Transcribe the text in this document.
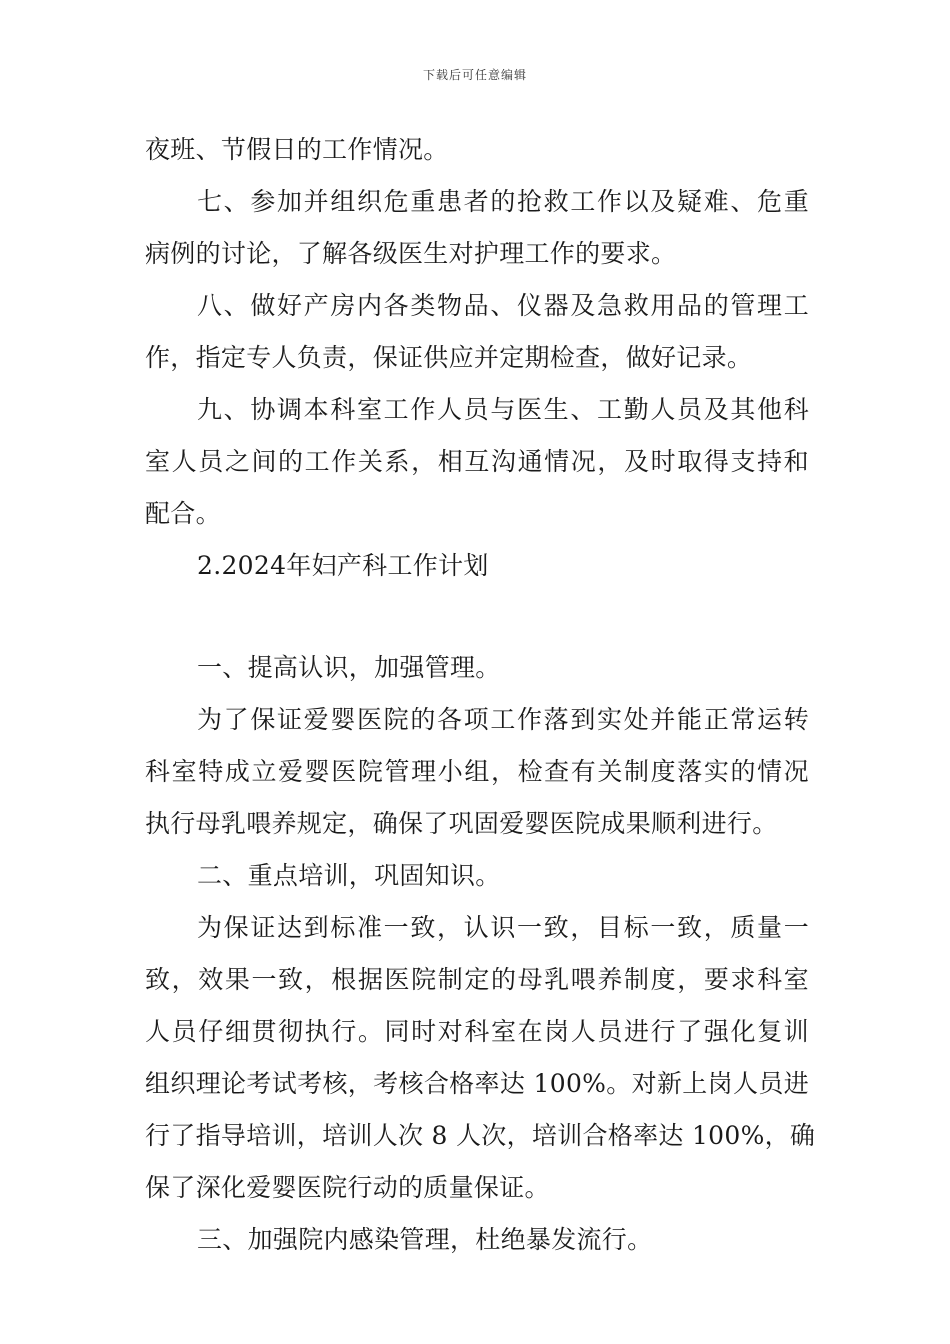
下载后可任意编辑
夜班、节假日的工作情况。
七、参加并组织危重患者的抢救工作以及疑难、危重
病例的讨论，了解各级医生对护理工作的要求。
八、做好产房内各类物品、仪器及急救用品的管理工
作，指定专人负责，保证供应并定期检查，做好记录。
九、协调本科室工作人员与医生、工勤人员及其他科
室人员之间的工作关系，相互沟通情况，及时取得支持和
配合。
2.2024年妇产科工作计划
一、提高认识，加强管理。
为了保证爱婴医院的各项工作落到实处并能正常运转
科室特成立爱婴医院管理小组，检查有关制度落实的情况
执行母乳喂养规定，确保了巩固爱婴医院成果顺利进行。
二、重点培训，巩固知识。
为保证达到标准一致，认识一致，目标一致，质量一
致，效果一致，根据医院制定的母乳喂养制度，要求科室
人员仔细贯彻执行。同时对科室在岗人员进行了强化复训
组织理论考试考核，考核合格率达 100%。对新上岗人员进
行了指导培训，培训人次 8 人次，培训合格率达 100%，确
保了深化爱婴医院行动的质量保证。
三、加强院内感染管理，杜绝暴发流行。
